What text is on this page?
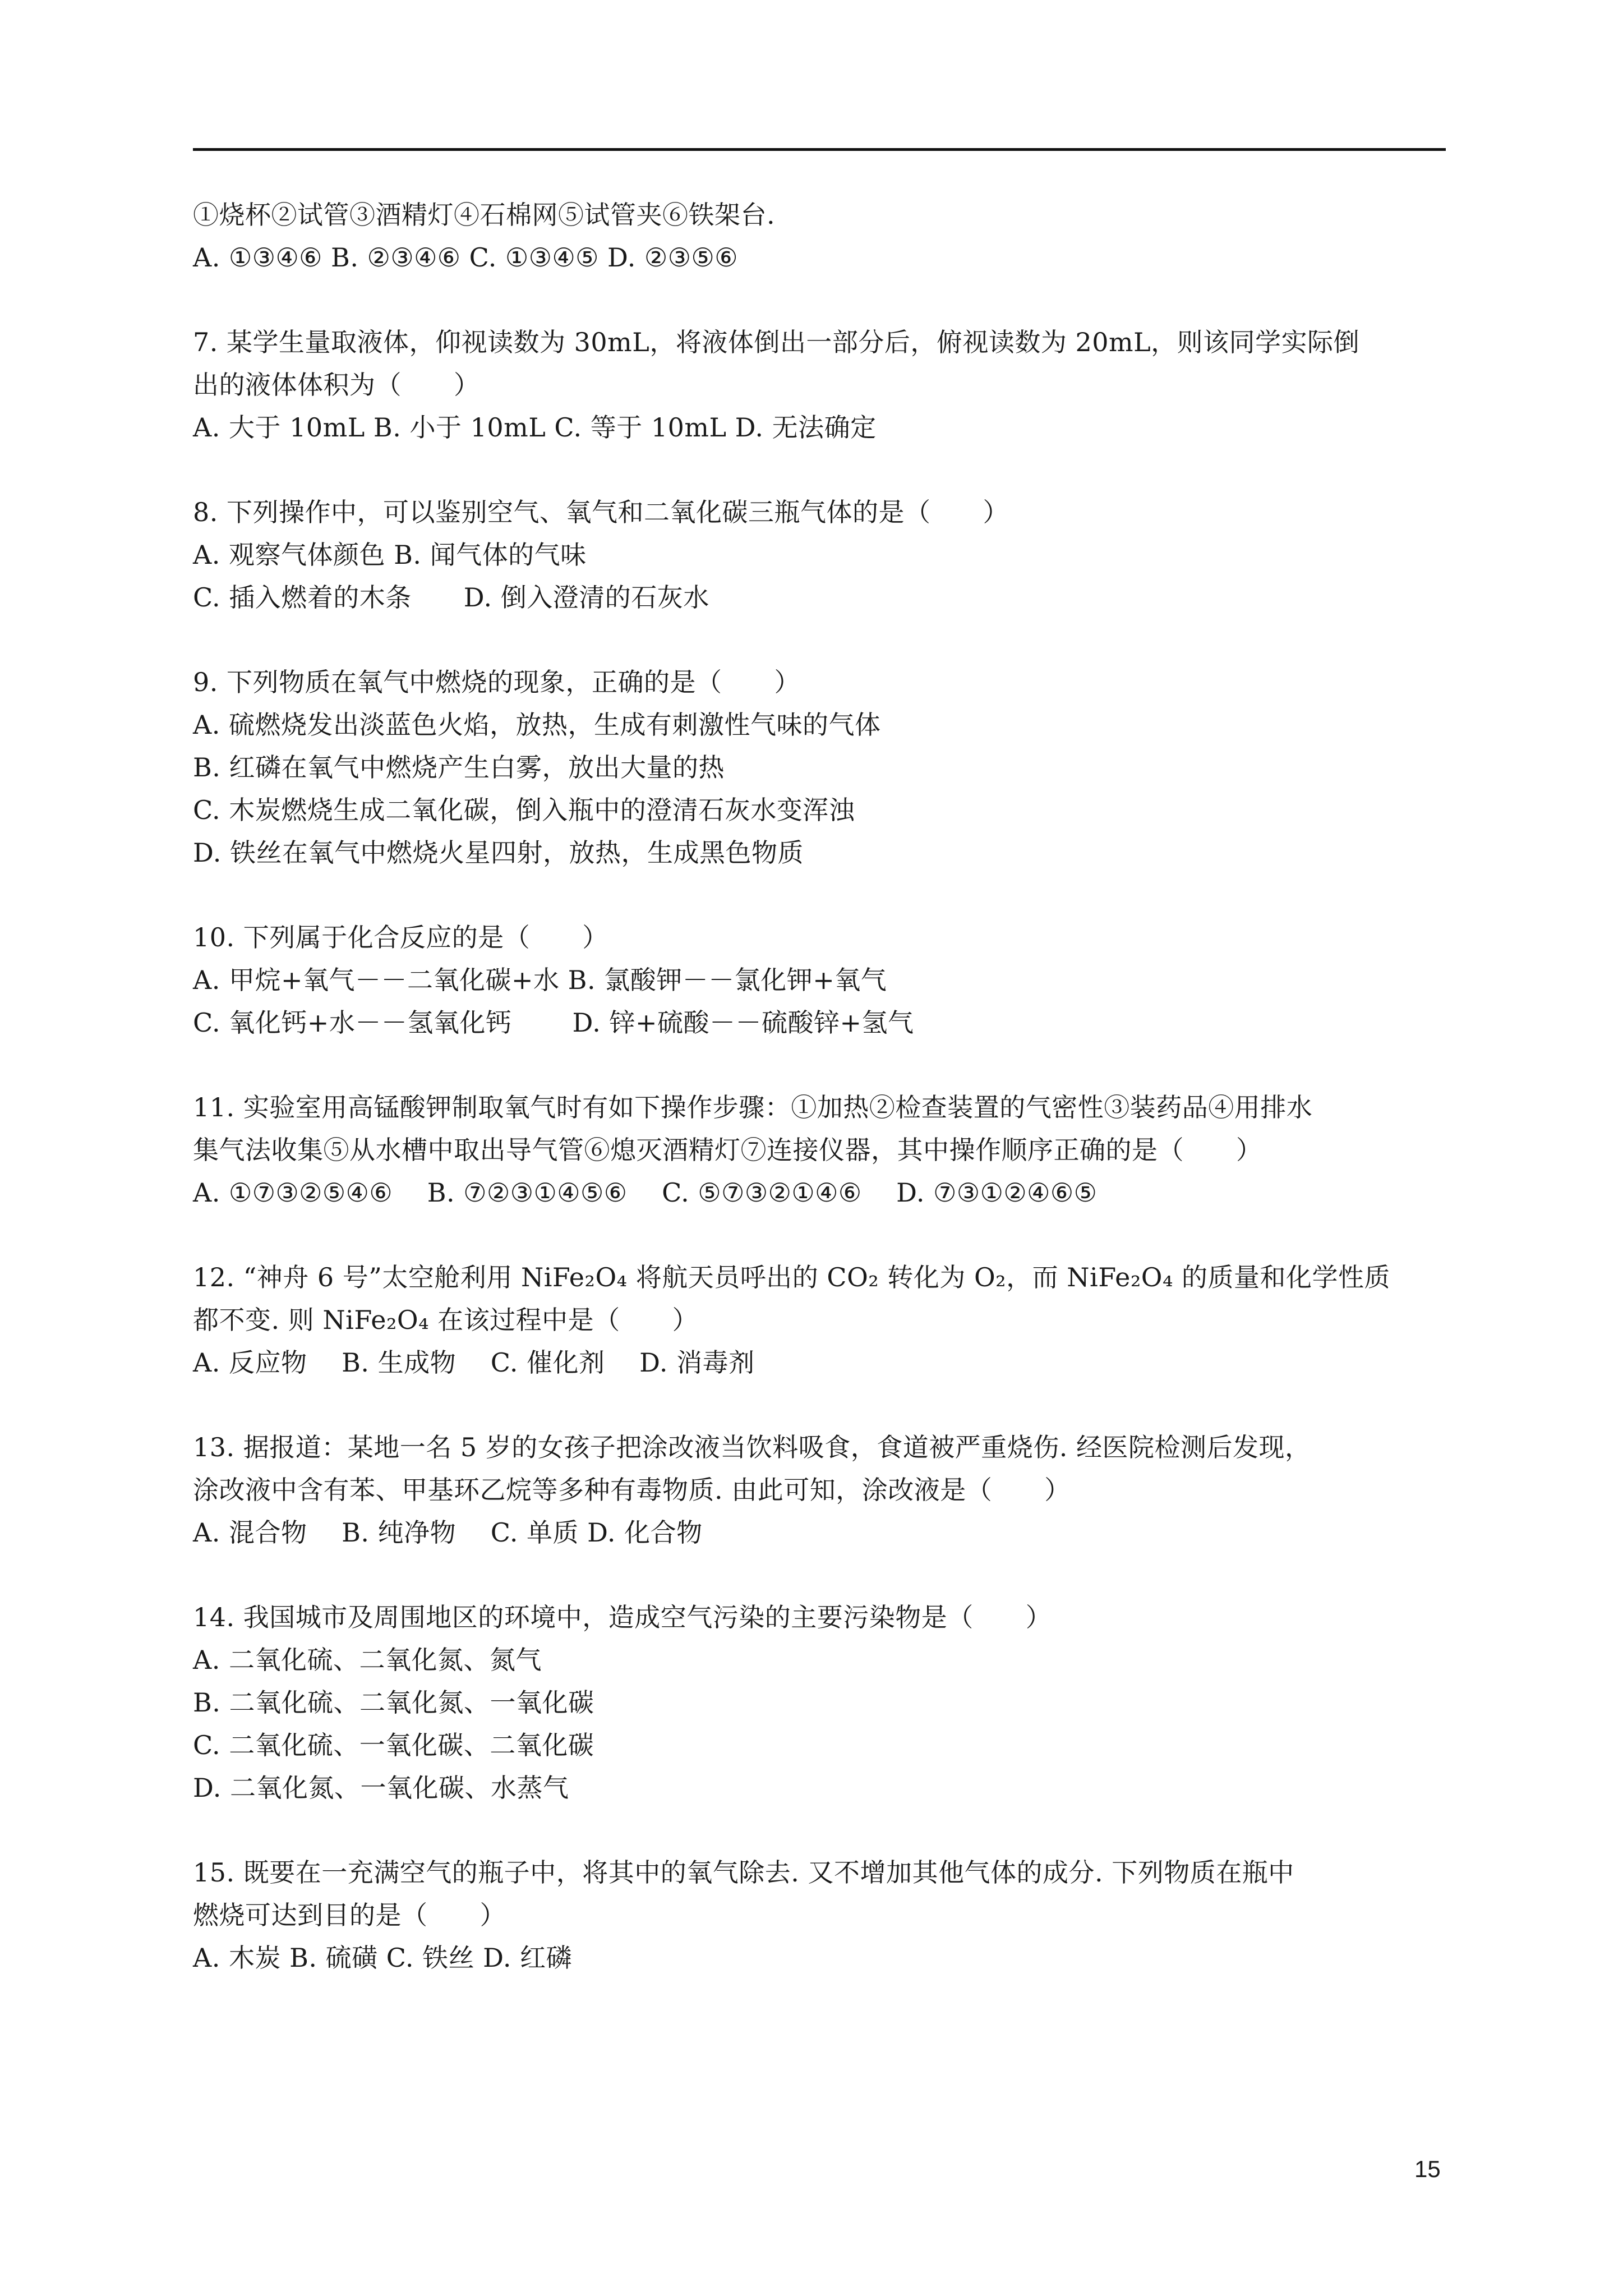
①烧杯②试管③酒精灯④石棉网⑤试管夹⑥铁架台.
A. ①③④⑥ B. ②③④⑥ C. ①③④⑤ D. ②③⑤⑥
7. 某学生量取液体，仰视读数为 30mL，将液体倒出一部分后，俯视读数为 20mL，则该同学实际倒
出的液体体积为（　　）
A. 大于 10mL B. 小于 10mL C. 等于 10mL D. 无法确定
8. 下列操作中，可以鉴别空气、氧气和二氧化碳三瓶气体的是（　　）
A. 观察气体颜色 B. 闻气体的气味
C. 插入燃着的木条　　D. 倒入澄清的石灰水
9. 下列物质在氧气中燃烧的现象，正确的是（　　）
A. 硫燃烧发出淡蓝色火焰，放热，生成有刺激性气味的气体
B. 红磷在氧气中燃烧产生白雾，放出大量的热
C. 木炭燃烧生成二氧化碳，倒入瓶中的澄清石灰水变浑浊
D. 铁丝在氧气中燃烧火星四射，放热，生成黑色物质
10. 下列属于化合反应的是（　　）
A. 甲烷+氧气－－二氧化碳+水 B. 氯酸钾－－氯化钾+氧气
C. 氧化钙+水－－氢氧化钙　　 D. 锌+硫酸－－硫酸锌+氢气
11. 实验室用高锰酸钾制取氧气时有如下操作步骤：①加热②检查装置的气密性③装药品④用排水
集气法收集⑤从水槽中取出导气管⑥熄灭酒精灯⑦连接仪器，其中操作顺序正确的是（　　）
A. ①⑦③②⑤④⑥　 B. ⑦②③①④⑤⑥　 C. ⑤⑦③②①④⑥　 D. ⑦③①②④⑥⑤
12. “神舟 6 号”太空舱利用 NiFe₂O₄ 将航天员呼出的 CO₂ 转化为 O₂，而 NiFe₂O₄ 的质量和化学性质
都不变. 则 NiFe₂O₄ 在该过程中是（　　）
A. 反应物　 B. 生成物　 C. 催化剂　 D. 消毒剂
13. 据报道：某地一名 5 岁的女孩子把涂改液当饮料吸食，食道被严重烧伤. 经医院检测后发现，
涂改液中含有苯、甲基环乙烷等多种有毒物质. 由此可知，涂改液是（　　）
A. 混合物　 B. 纯净物　 C. 单质 D. 化合物
14. 我国城市及周围地区的环境中，造成空气污染的主要污染物是（　　）
A. 二氧化硫、二氧化氮、氮气
B. 二氧化硫、二氧化氮、一氧化碳
C. 二氧化硫、一氧化碳、二氧化碳
D. 二氧化氮、一氧化碳、水蒸气
15. 既要在一充满空气的瓶子中，将其中的氧气除去. 又不增加其他气体的成分. 下列物质在瓶中
燃烧可达到目的是（　　）
A. 木炭 B. 硫磺 C. 铁丝 D. 红磷
15
